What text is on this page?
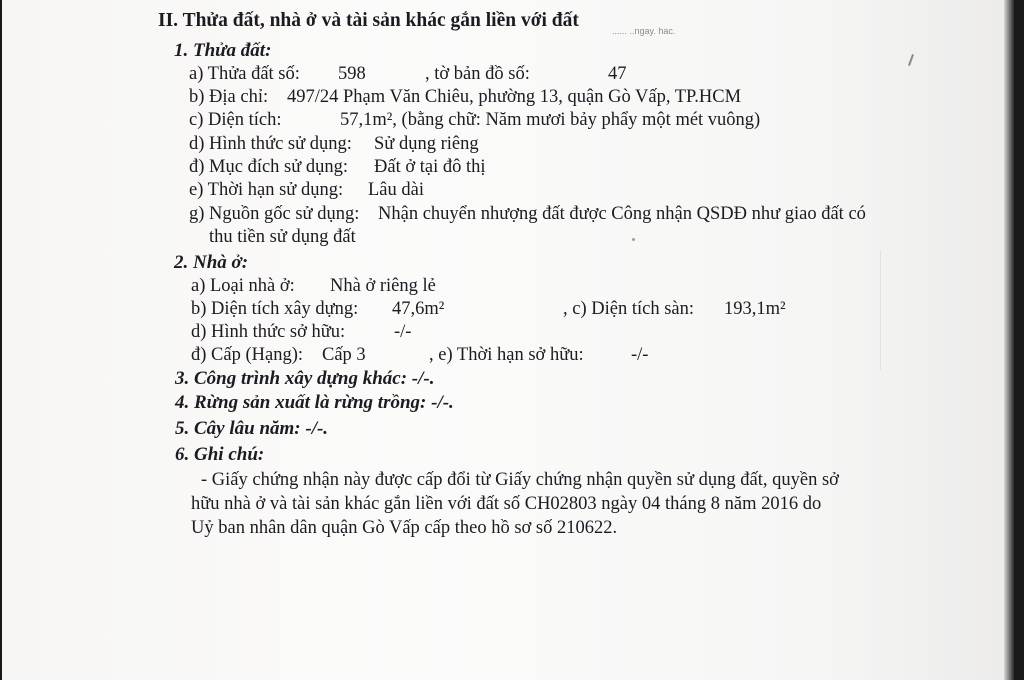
II. Thửa đất, nhà ở và tài sản khác gắn liền với đất	...... ..ngay. hac.
1. Thửa đất:
a) Thửa đất số: 598	, tờ bản đồ số:	47
b) Địa chỉ: 497/24 Phạm Văn Chiêu, phường 13, quận Gò Vấp, TP.HCM
c) Diện tích:	57,1m², (bằng chữ: Năm mươi bảy phẩy một mét vuông)
d) Hình thức sử dụng: Sử dụng riêng
đ) Mục đích sử dụng: Đất ở tại đô thị
e) Thời hạn sử dụng: Lâu dài
g) Nguồn gốc sử dụng: Nhận chuyển nhượng đất được Công nhận QSDĐ như giao đất có
thu tiền sử dụng đất
2. Nhà ở:
a) Loại nhà ở: Nhà ở riêng lẻ
b) Diện tích xây dựng: 47,6m²	, c) Diện tích sàn: 193,1m²
d) Hình thức sở hữu:	-/-
đ) Cấp (Hạng): Cấp 3	, e) Thời hạn sở hữu:	-/-
3. Công trình xây dựng khác: -/-.
4. Rừng sản xuất là rừng trồng: -/-.
5. Cây lâu năm: -/-.
6. Ghi chú:
- Giấy chứng nhận này được cấp đổi từ Giấy chứng nhận quyền sử dụng đất, quyền sở
hữu nhà ở và tài sản khác gắn liền với đất số CH02803 ngày 04 tháng 8 năm 2016 do
Uỷ ban nhân dân quận Gò Vấp cấp theo hồ sơ số 210622.
